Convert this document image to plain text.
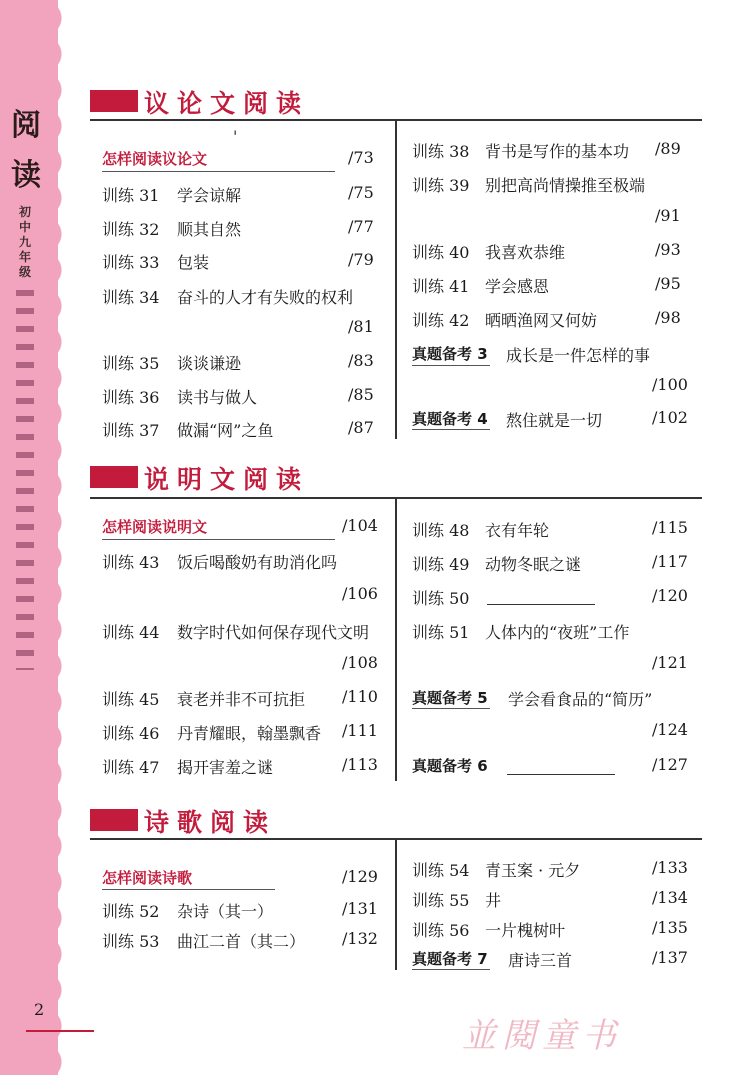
阅
读
初
中
九
年
级
议论文阅读
'
怎样阅读议论文	/73
训练 31 学会谅解	/75
训练 32 顺其自然	/77
训练 33 包装	/79
训练 34 奋斗的人才有失败的权利
/81
训练 35 谈谈谦逊	/83
训练 36 读书与做人	/85
训练 37 做漏“网”之鱼	/87
训练 38 背书是写作的基本功 /89
训练 39 别把高尚情操推至极端
/91
训练 40 我喜欢恭维	/93
训练 41 学会感恩	/95
训练 42 晒晒渔网又何妨	/98
真题备考 3 成长是一件怎样的事
/100
真题备考 4 熬住就是一切	/102
说明文阅读
怎样阅读说明文	/104
训练 43 饭后喝酸奶有助消化吗
/106
训练 44 数字时代如何保存现代文明
/108
训练 45 衰老并非不可抗拒 /110
训练 46 丹青耀眼，翰墨飘香 /111
训练 47 揭开害羞之谜	/113
训练 48 衣有年轮	/115
训练 49 动物冬眠之谜	/117
训练 50	/120
训练 51 人体内的“夜班”工作
/121
真题备考 5 学会看食品的“简历”
/124
真题备考 6	/127
诗歌阅读
怎样阅读诗歌	/129
训练 52 杂诗（其一）	/131
训练 53 曲江二首（其二） /132
训练 54 青玉案 · 元夕	/133
训练 55 井	/134
训练 56 一片槐树叶	/135
真题备考 7 唐诗三首	/137
2
並閱童书
